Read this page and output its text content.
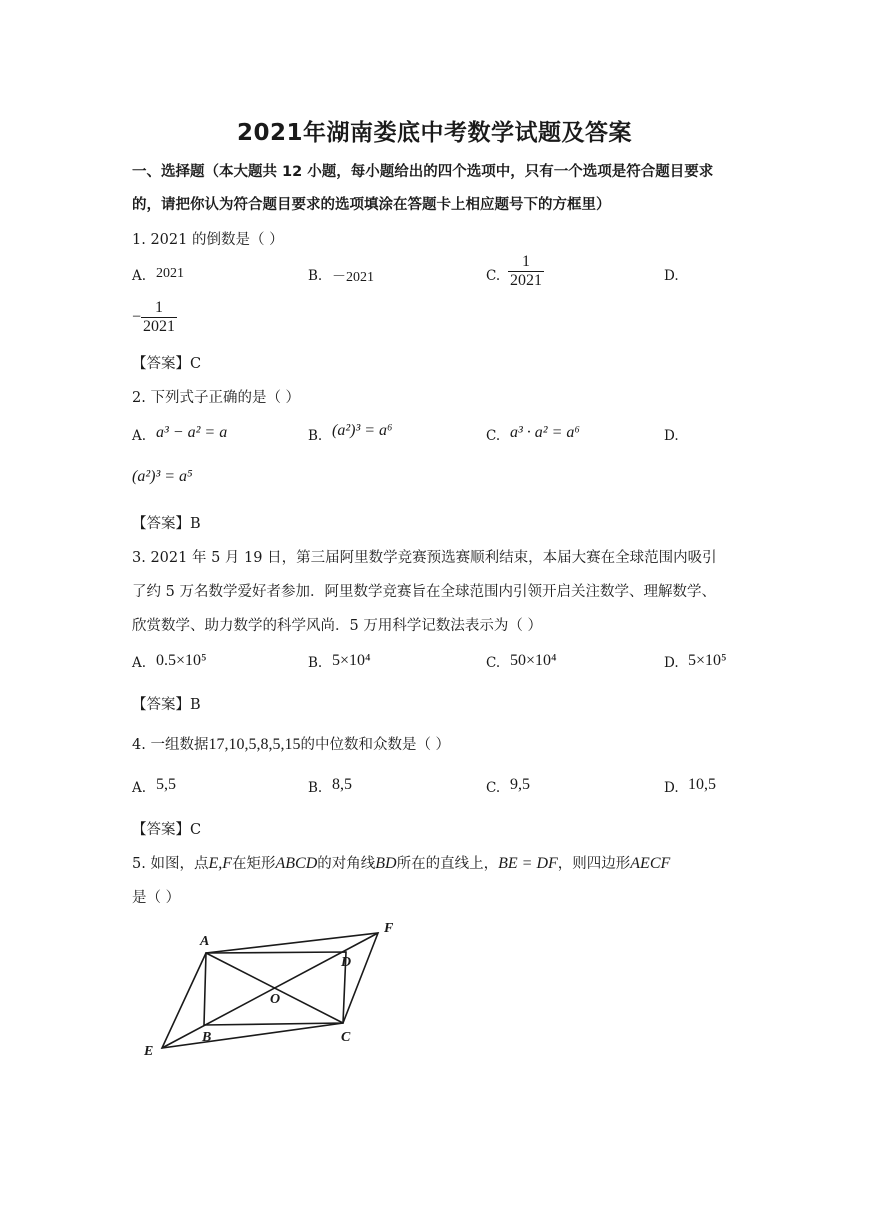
2021年湖南娄底中考数学试题及答案
一、选择题（本大题共 12 小题，每小题给出的四个选项中，只有一个选项是符合题目要求
的，请把你认为符合题目要求的选项填涂在答题卡上相应题号下的方框里）
1. 2021 的倒数是（ ）
A. 2021	B. －2021	C. $\frac{1}{2021}$	D.
− $\frac{1}{2021}$
【答案】C
2. 下列式子正确的是（ ）
A. a³ − a² = a	B. (a²)³ = a⁶	C. a³ · a² = a⁶	D.
(a²)³ = a⁵
【答案】B
3. 2021 年 5 月 19 日，第三届阿里数学竞赛预选赛顺利结束，本届大赛在全球范围内吸引
了约 5 万名数学爱好者参加．阿里数学竞赛旨在全球范围内引领开启关注数学、理解数学、
欣赏数学、助力数学的科学风尚．5 万用科学记数法表示为（ ）
A. 0.5×10⁵	B. 5×10⁴	C. 50×10⁴	D. 5×10⁵
【答案】B
4. 一组数据17,10,5,8,5,15的中位数和众数是（ ）
A. 5,5	B. 8,5	C. 9,5	D. 10,5
【答案】C
5. 如图，点E,F在矩形ABCD的对角线BD所在的直线上，BE = DF，则四边形AECF
是（ ）
A
B	C
D
E
F
O
